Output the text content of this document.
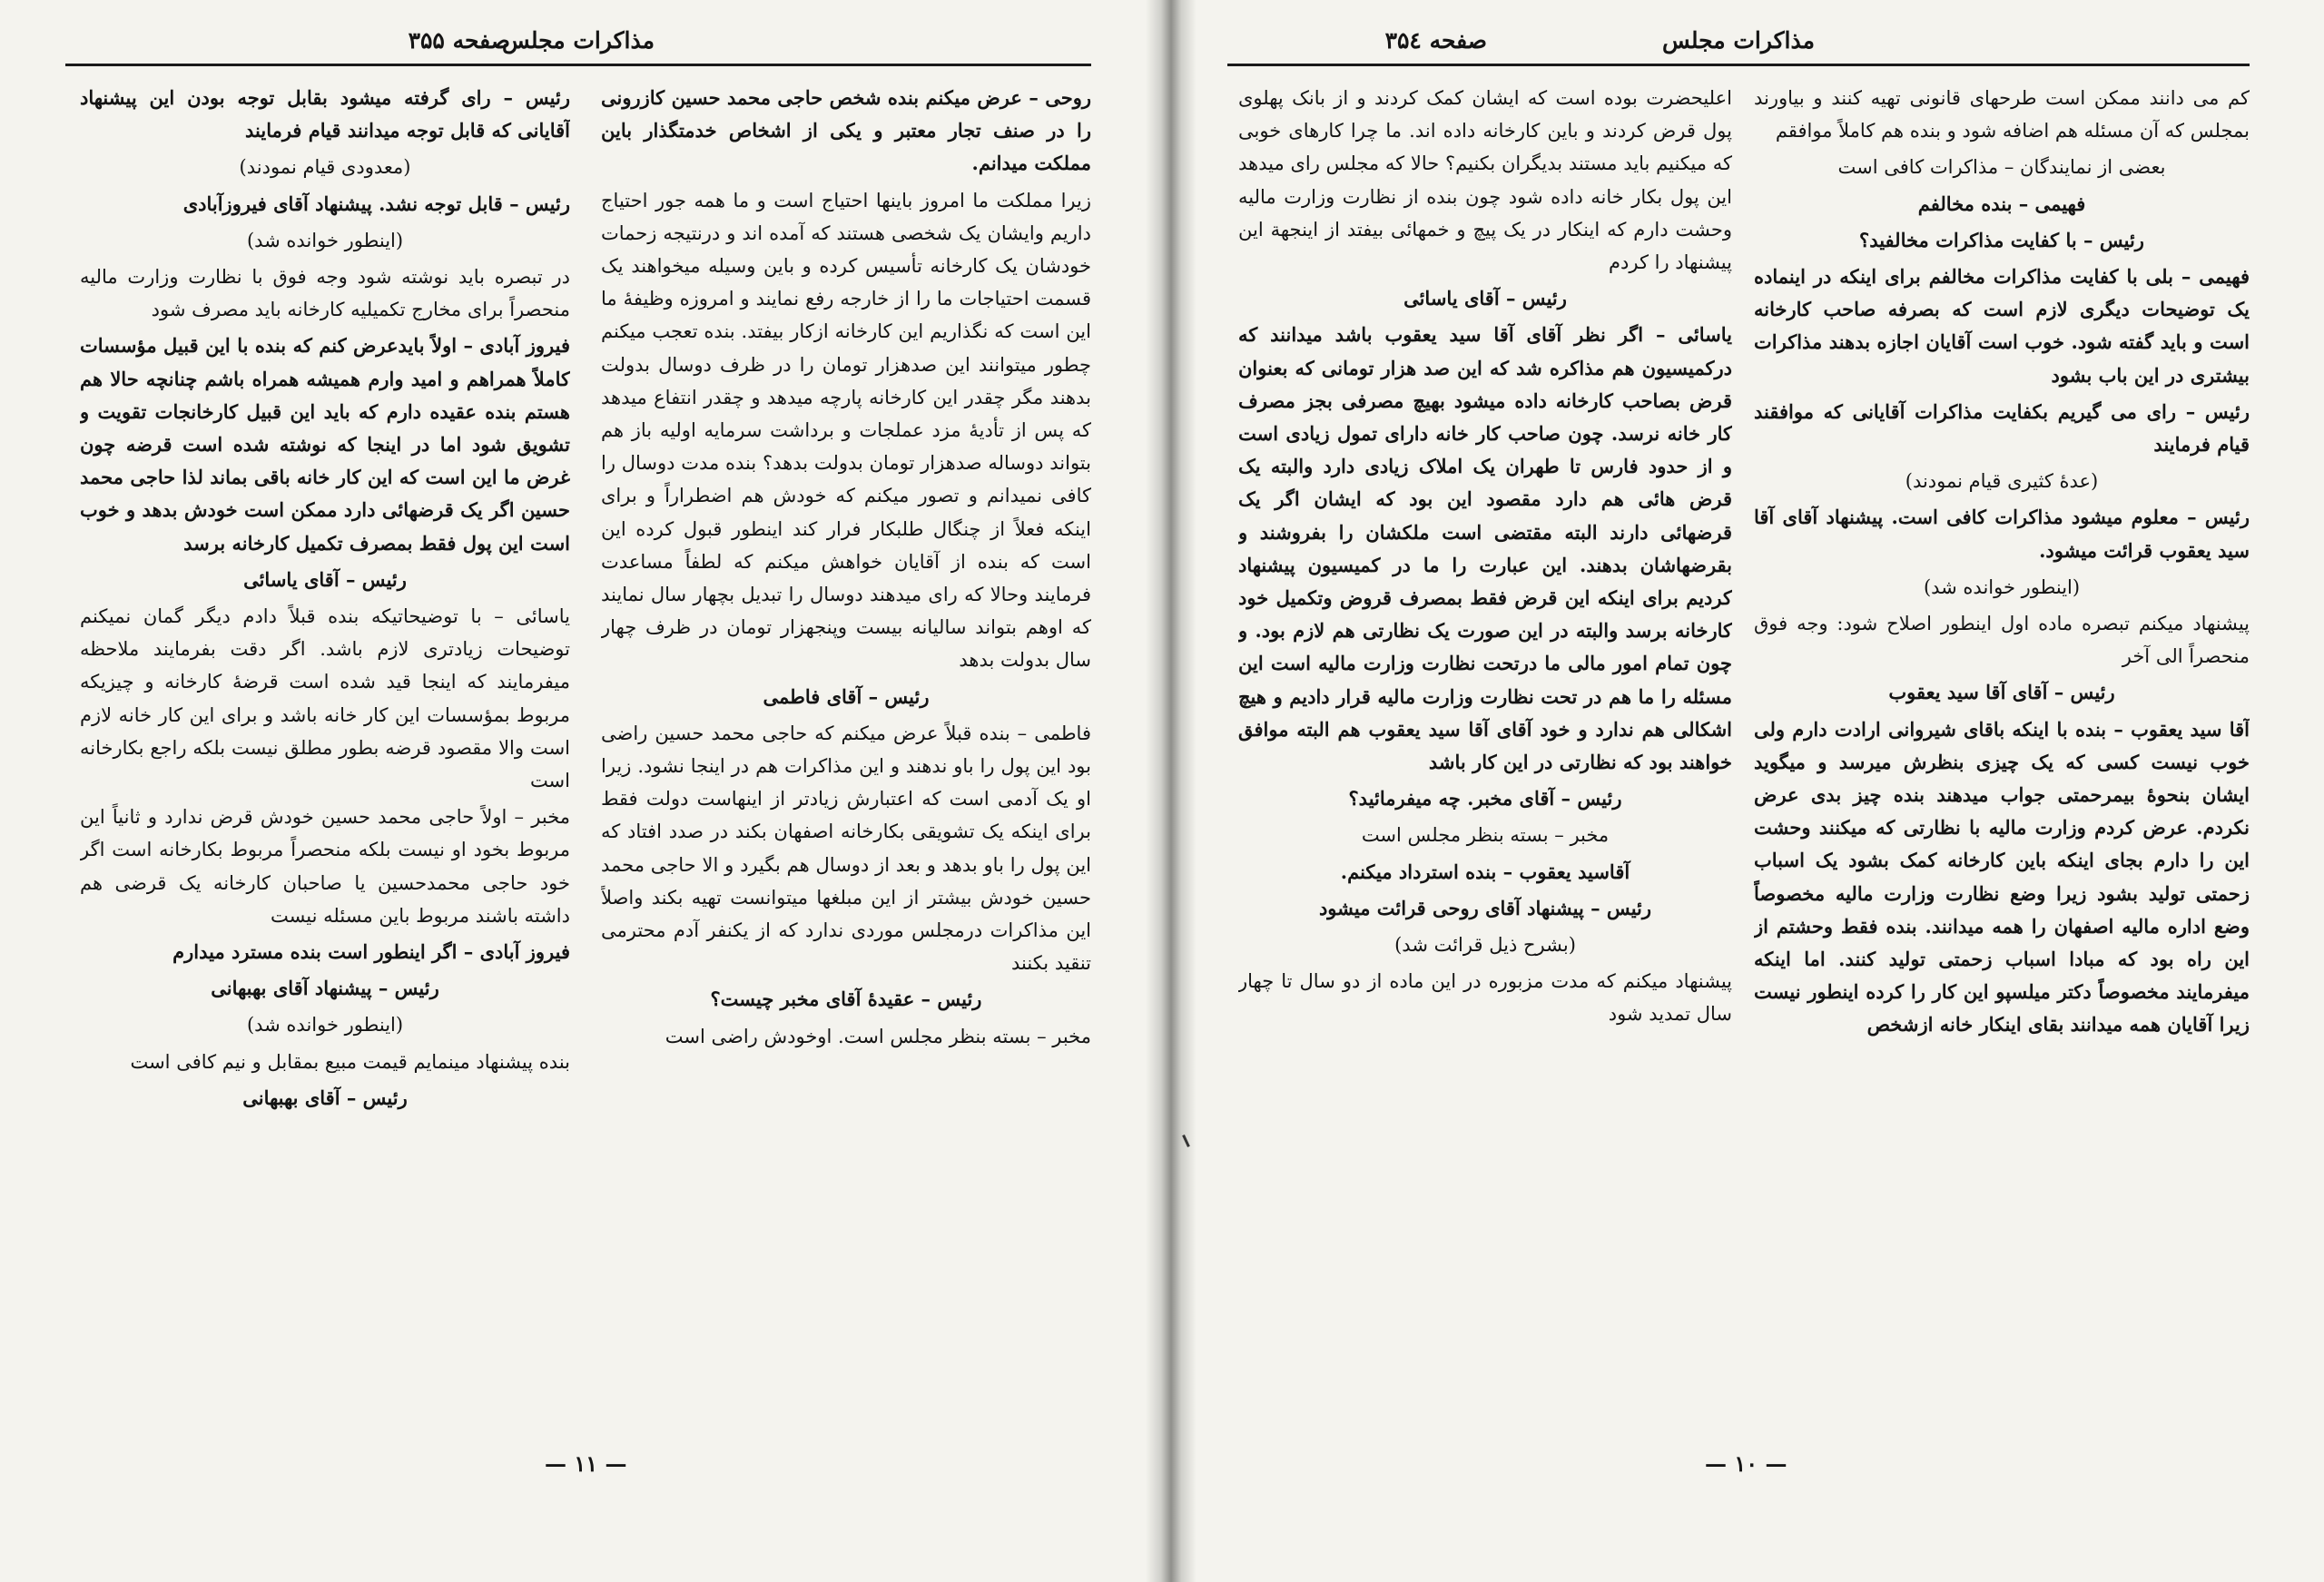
مذاکرات مجلس
صفحه ۳۵۵

روحی – عرض میکنم بنده شخص حاجی محمد حسین کازرونی را در صنف تجار معتبر و یکی از اشخاص خدمتگذار باین مملکت میدانم.

زیرا مملکت ما امروز باینها احتیاج است و ما همه جور احتیاج داریم وایشان یک شخصی هستند که آمده اند و درنتیجه زحمات خودشان یک کارخانه تأسیس کرده و باین وسیله میخواهند یک قسمت احتیاجات ما را از خارجه رفع نمایند و امروزه وظیفهٔ ما این است که نگذاریم این کارخانه ازکار بیفتد. بنده تعجب میکنم چطور میتوانند این صدهزار تومان را در ظرف دوسال بدولت بدهند مگر چقدر این کارخانه پارچه میدهد و چقدر انتفاع میدهد که پس از تأدیهٔ مزد عملجات و برداشت سرمایه اولیه باز هم بتواند دوساله صدهزار تومان بدولت بدهد؟ بنده مدت دوسال را کافی نمیدانم و تصور میکنم که خودش هم اضطراراً و برای اینکه فعلاً از چنگال طلبکار فرار کند اینطور قبول کرده این است که بنده از آقایان خواهش میکنم که لطفاً مساعدت فرمایند وحالا که رای میدهند دوسال را تبدیل بچهار سال نمایند که اوهم بتواند سالیانه بیست وپنجهزار تومان در ظرف چهار سال بدولت بدهد

رئیس – آقای فاطمی

فاطمی – بنده قبلاً عرض میکنم که حاجی محمد حسین راضی بود این پول را باو ندهند و این مذاکرات هم در اینجا نشود. زیرا او یک آدمی است که اعتبارش زیادتر از اینهاست دولت فقط برای اینکه یک تشویقی بکارخانه اصفهان بکند در صدد افتاد که این پول را باو بدهد و بعد از دوسال هم بگیرد و الا حاجی محمد حسین خودش بیشتر از این مبلغها میتوانست تهیه بکند واصلاً این مذاکرات درمجلس موردی ندارد که از یکنفر آدم محترمی تنقید بکنند

رئیس – عقیدهٔ آقای مخبر چیست؟

مخبر – بسته بنظر مجلس است. اوخودش راضی است

رئیس – رای گرفته میشود بقابل توجه بودن این پیشنهاد آقایانی که قابل توجه میدانند قیام فرمایند

(معدودی قیام نمودند)

رئیس – قابل توجه نشد. پیشنهاد آقای فیروزآبادی

(اینطور خوانده شد)

در تبصره باید نوشته شود وجه فوق با نظارت وزارت مالیه منحصراً برای مخارج تکمیلیه کارخانه باید مصرف شود

فیروز آبادی – اولاً بایدعرض کنم که بنده با این قبیل مؤسسات کاملاً همراهم و امید وارم همیشه همراه باشم چنانچه حالا هم هستم بنده عقیده دارم که باید این قبیل کارخانجات تقویت و تشویق شود اما در اینجا که نوشته شده است قرضه چون غرض ما این است که این کار خانه باقی بماند لذا حاجی محمد حسین اگر یک قرضهائی دارد ممکن است خودش بدهد و خوب است این پول فقط بمصرف تکمیل کارخانه برسد

رئیس – آقای یاسائی

یاسائی – با توضیحاتیکه بنده قبلاً دادم دیگر گمان نمیکنم توضیحات زیادتری لازم باشد. اگر دقت بفرمایند ملاحظه میفرمایند که اینجا قید شده است قرضهٔ کارخانه و چیزیکه مربوط بمؤسسات این کار خانه باشد و برای این کار خانه لازم است والا مقصود قرضه بطور مطلق نیست بلکه راجع بکارخانه است

مخبر – اولاً حاجی محمد حسین خودش قرض ندارد و ثانیاً این مربوط بخود او نیست بلکه منحصراً مربوط بکارخانه است اگر خود حاجی محمدحسین یا صاحبان کارخانه یک قرضی هم داشته باشند مربوط باین مسئله نیست

فیروز آبادی – اگر اینطور است بنده مسترد میدارم

رئیس – پیشنهاد آقای بهبهانی

(اینطور خوانده شد)

بنده پیشنهاد مینمایم قیمت مبیع بمقابل و نیم کافی است

رئیس – آقای بهبهانی

— ۱۱ —
مذاکرات مجلس
صفحه ۳۵٤

کم می دانند ممکن است طرحهای قانونی تهیه کنند و بیاورند بمجلس که آن مسئله هم اضافه شود و بنده هم کاملاً موافقم

بعضی از نمایندگان – مذاکرات کافی است

فهیمی – بنده مخالفم

رئیس – با کفایت مذاکرات مخالفید؟

فهیمی – بلی با کفایت مذاکرات مخالفم برای اینکه در اینماده یک توضیحات دیگری لازم است که بصرفه صاحب کارخانه است و باید گفته شود. خوب است آقایان اجازه بدهند مذاکرات بیشتری در این باب بشود

رئیس – رای می گیریم بکفایت مذاکرات آقایانی که موافقند قیام فرمایند

(عدهٔ کثیری قیام نمودند)

رئیس – معلوم میشود مذاکرات کافی است. پیشنهاد آقای آقا سید یعقوب قرائت میشود.

(اینطور خوانده شد)

پیشنهاد میکنم تبصره ماده اول اینطور اصلاح شود: وجه فوق منحصراً الی آخر

رئیس – آقای آقا سید یعقوب

آقا سید یعقوب – بنده با اینکه باقای شیروانی ارادت دارم ولی خوب نیست کسی که یک چیزی بنظرش میرسد و میگوید ایشان بنحوهٔ بیمرحمتی جواب میدهند بنده چیز بدی عرض نکردم. عرض کردم وزارت مالیه با نظارتی که میکنند وحشت این را دارم بجای اینکه باین کارخانه کمک بشود یک اسباب زحمتی تولید بشود زیرا وضع نظارت وزارت مالیه مخصوصاً وضع اداره مالیه اصفهان را همه میدانند. بنده فقط وحشتم از این راه بود که مبادا اسباب زحمتی تولید کنند. اما اینکه میفرمایند مخصوصاً دکتر میلسپو این کار را کرده اینطور نیست زیرا آقایان همه میدانند بقای اینکار خانه ازشخص

اعلیحضرت بوده است که ایشان کمک کردند و از بانک پهلوی پول قرض کردند و باین کارخانه داده اند. ما چرا کارهای خوبی که میکنیم باید مستند بدیگران بکنیم؟ حالا که مجلس رای میدهد این پول بکار خانه داده شود چون بنده از نظارت وزارت مالیه وحشت دارم که اینکار در یک پیچ و خمهائی بیفتد از اینجهة این پیشنهاد را کردم

رئیس – آقای یاسائی

یاسائی – اگر نظر آقای آقا سید یعقوب باشد میدانند که درکمیسیون هم مذاکره شد که این صد هزار تومانی که بعنوان قرض بصاحب کارخانه داده میشود بهیچ مصرفی بجز مصرف کار خانه نرسد. چون صاحب کار خانه دارای تمول زیادی است و از حدود فارس تا طهران یک املاک زیادی دارد والبته یک قرض هائی هم دارد مقصود این بود که ایشان اگر یک قرضهائی دارند البته مقتضی است ملکشان را بفروشند و بقرضهاشان بدهند. این عبارت را ما در کمیسیون پیشنهاد کردیم برای اینکه این قرض فقط بمصرف قروض وتکمیل خود کارخانه برسد والبته در این صورت یک نظارتی هم لازم بود. و چون تمام امور مالی ما درتحت نظارت وزارت مالیه است این مسئله را ما هم در تحت نظارت وزارت مالیه قرار دادیم و هیچ اشکالی هم ندارد و خود آقای آقا سید یعقوب هم البته موافق خواهند بود که نظارتی در این کار باشد

رئیس – آقای مخبر. چه میفرمائید؟

مخبر – بسته بنظر مجلس است

آقاسید یعقوب – بنده استرداد میکنم.

رئیس – پیشنهاد آقای روحی قرائت میشود

(بشرح ذیل قرائت شد)

پیشنهاد میکنم که مدت مزبوره در این ماده از دو سال تا چهار سال تمدید شود

— ۱۰ —
